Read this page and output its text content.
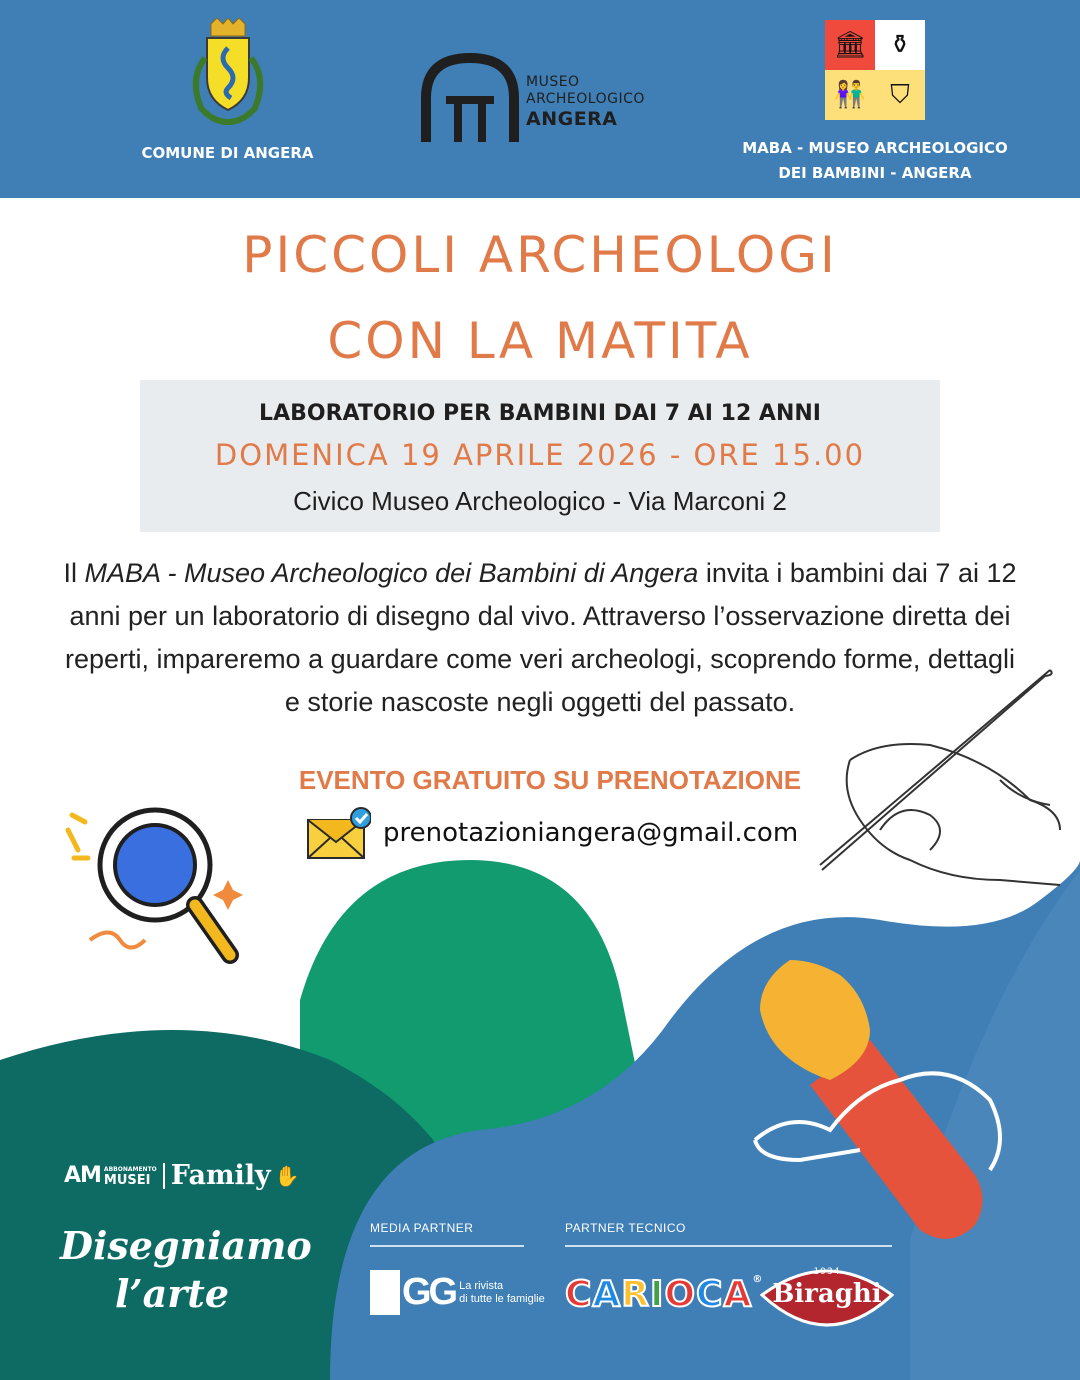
COMUNE DI ANGERA
MUSEO
ARCHEOLOGICO
ANGERA
🏛 ⚱
👫 ⛉
MABA - MUSEO ARCHEOLOGICO
DEI BAMBINI - ANGERA
PICCOLI ARCHEOLOGI
CON LA MATITA
LABORATORIO PER BAMBINI DAI 7 AI 12 ANNI
DOMENICA 19 APRILE 2026 - ORE 15.00
Civico Museo Archeologico - Via Marconi 2
Il MABA - Museo Archeologico dei Bambini di Angera invita i bambini dai 7 ai 12 anni per un laboratorio di disegno dal vivo. Attraverso l’osservazione diretta dei reperti, impareremo a guardare come veri archeologi, scoprendo forme, dettagli e storie nascoste negli oggetti del passato.
EVENTO GRATUITO SU PRENOTAZIONE
prenotazioniangera@gmail.com
AM ABBONAMENTO
MUSEI Family ✋
Disegniamo
l’arte
MEDIA PARTNER	PARTNER TECNICO
GG La rivista
di tutte le famiglie CARIOCA®
1934
Biraghi
